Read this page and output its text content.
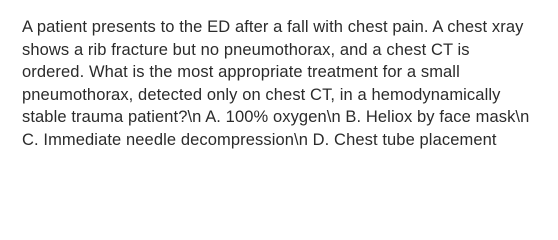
A patient presents to the ED after a fall with chest pain. A chest xray shows a rib fracture but no pneumothorax, and a chest CT is ordered. What is the most appropriate treatment for a small pneumothorax, detected only on chest CT, in a hemodynamically stable trauma patient?\n A. 100% oxygen\n B. Heliox by face mask\n C. Immediate needle decompression\n D. Chest tube placement
